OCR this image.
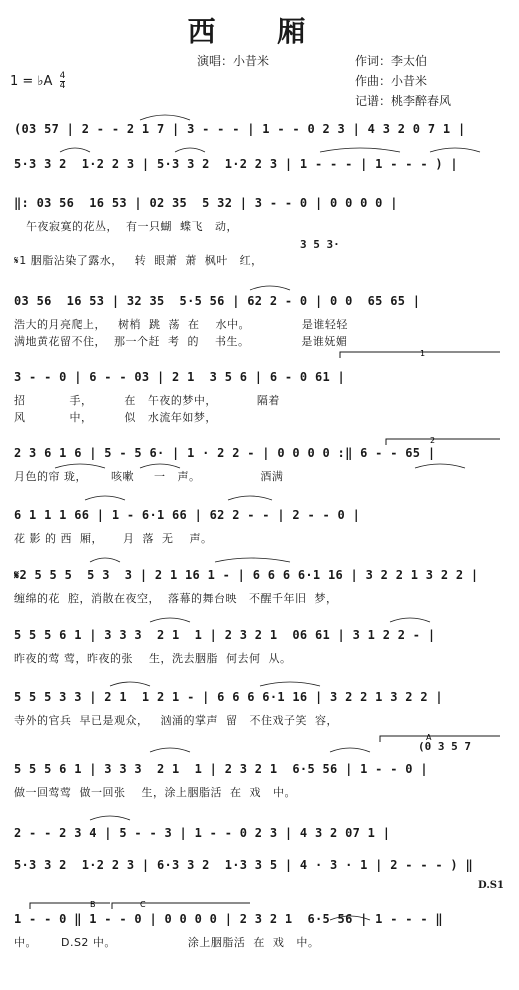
西 厢
演唱：小昔米	作词：李太伯
作曲：小昔米
记谱：桃李醉春风
1 = ♭A $\frac{4}{4}$
1
2
A
B	C
3 5 3·
(0 3 5 7
D.S1
(03 57 | 2 - - 2 1 7 | 3 - - - | 1 - - 0 2 3 | 4 3 2 0 7 1 |
5·3 3 2  1·2 2 3 | 5·3 3 2  1·2 2 3 | 1 - - - | 1 - - - ) |
‖: 03 56  16 53 | 02 35  5 32 | 3 - - 0 | 0 0 0 0 |
午夜寂寞的花丛，  有一只蝴  蝶飞   动，
𝄋1 胭脂沾染了露水，   转  眼萧  萧  枫叶   红，
03 56  16 53 | 32 35  5·5 56 | 62 2 - 0 | 0 0  65 65 |
浩大的月亮爬上，   树梢  跳  荡  在    水中。             是谁轻轻
满地黄花留不住，  那一个赶  考  的    书生。             是谁妩媚
3 - - 0 | 6 - - 03 | 2 1  3 5 6 | 6 - 0 61 |
招           手，        在   午夜的梦中，          隔着
风           中，        似   水流年如梦，
2 3 6 1 6 | 5 - 5 6· | 1 · 2 2 - | 0 0 0 0 :‖ 6 - - 65 |
月色的帘 珑，      咳嗽     一   声。               酒满
6 1 1 1 66 | 1 - 6·1 66 | 62 2 - - | 2 - - 0 |
花 影 的 西  厢，     月  落  无    声。
𝄋2 5 5 5  5 3  3 | 2 1 16 1 - | 6 6 6 6·1 16 | 3 2 2 1 3 2 2 |
缠绵的花  腔，消散在夜空，  落幕的舞台映   不醒千年旧  梦，
5 5 5 6 1 | 3 3 3  2 1  1 | 2 3 2 1  06 61 | 3 1 2 2 - |
昨夜的莺 莺，昨夜的张    生，洗去胭脂  何去何  从。
5 5 5 3 3 | 2 1  1 2 1 - | 6 6 6 6·1 16 | 3 2 2 1 3 2 2 |
寺外的官兵  早已是观众，   汹涌的掌声  留   不住戏子笑  容，
5 5 5 6 1 | 3 3 3  2 1  1 | 2 3 2 1  6·5 56 | 1 - - 0 |
做一回莺莺  做一回张    生，涂上胭脂活  在  戏   中。
2 - - 2 3 4 | 5 - - 3 | 1 - - 0 2 3 | 4 3 2 07 1 |
5·3 3 2  1·2 2 3 | 6·3 3 2  1·3 3 5 | 4 · 3 · 1 | 2 - - - ) ‖
1 - - 0 ‖ 1 - - 0 | 0 0 0 0 | 2 3 2 1  6·5 56 | 1 - - - ‖
中。      D.S2 中。                  涂上胭脂活  在  戏   中。
